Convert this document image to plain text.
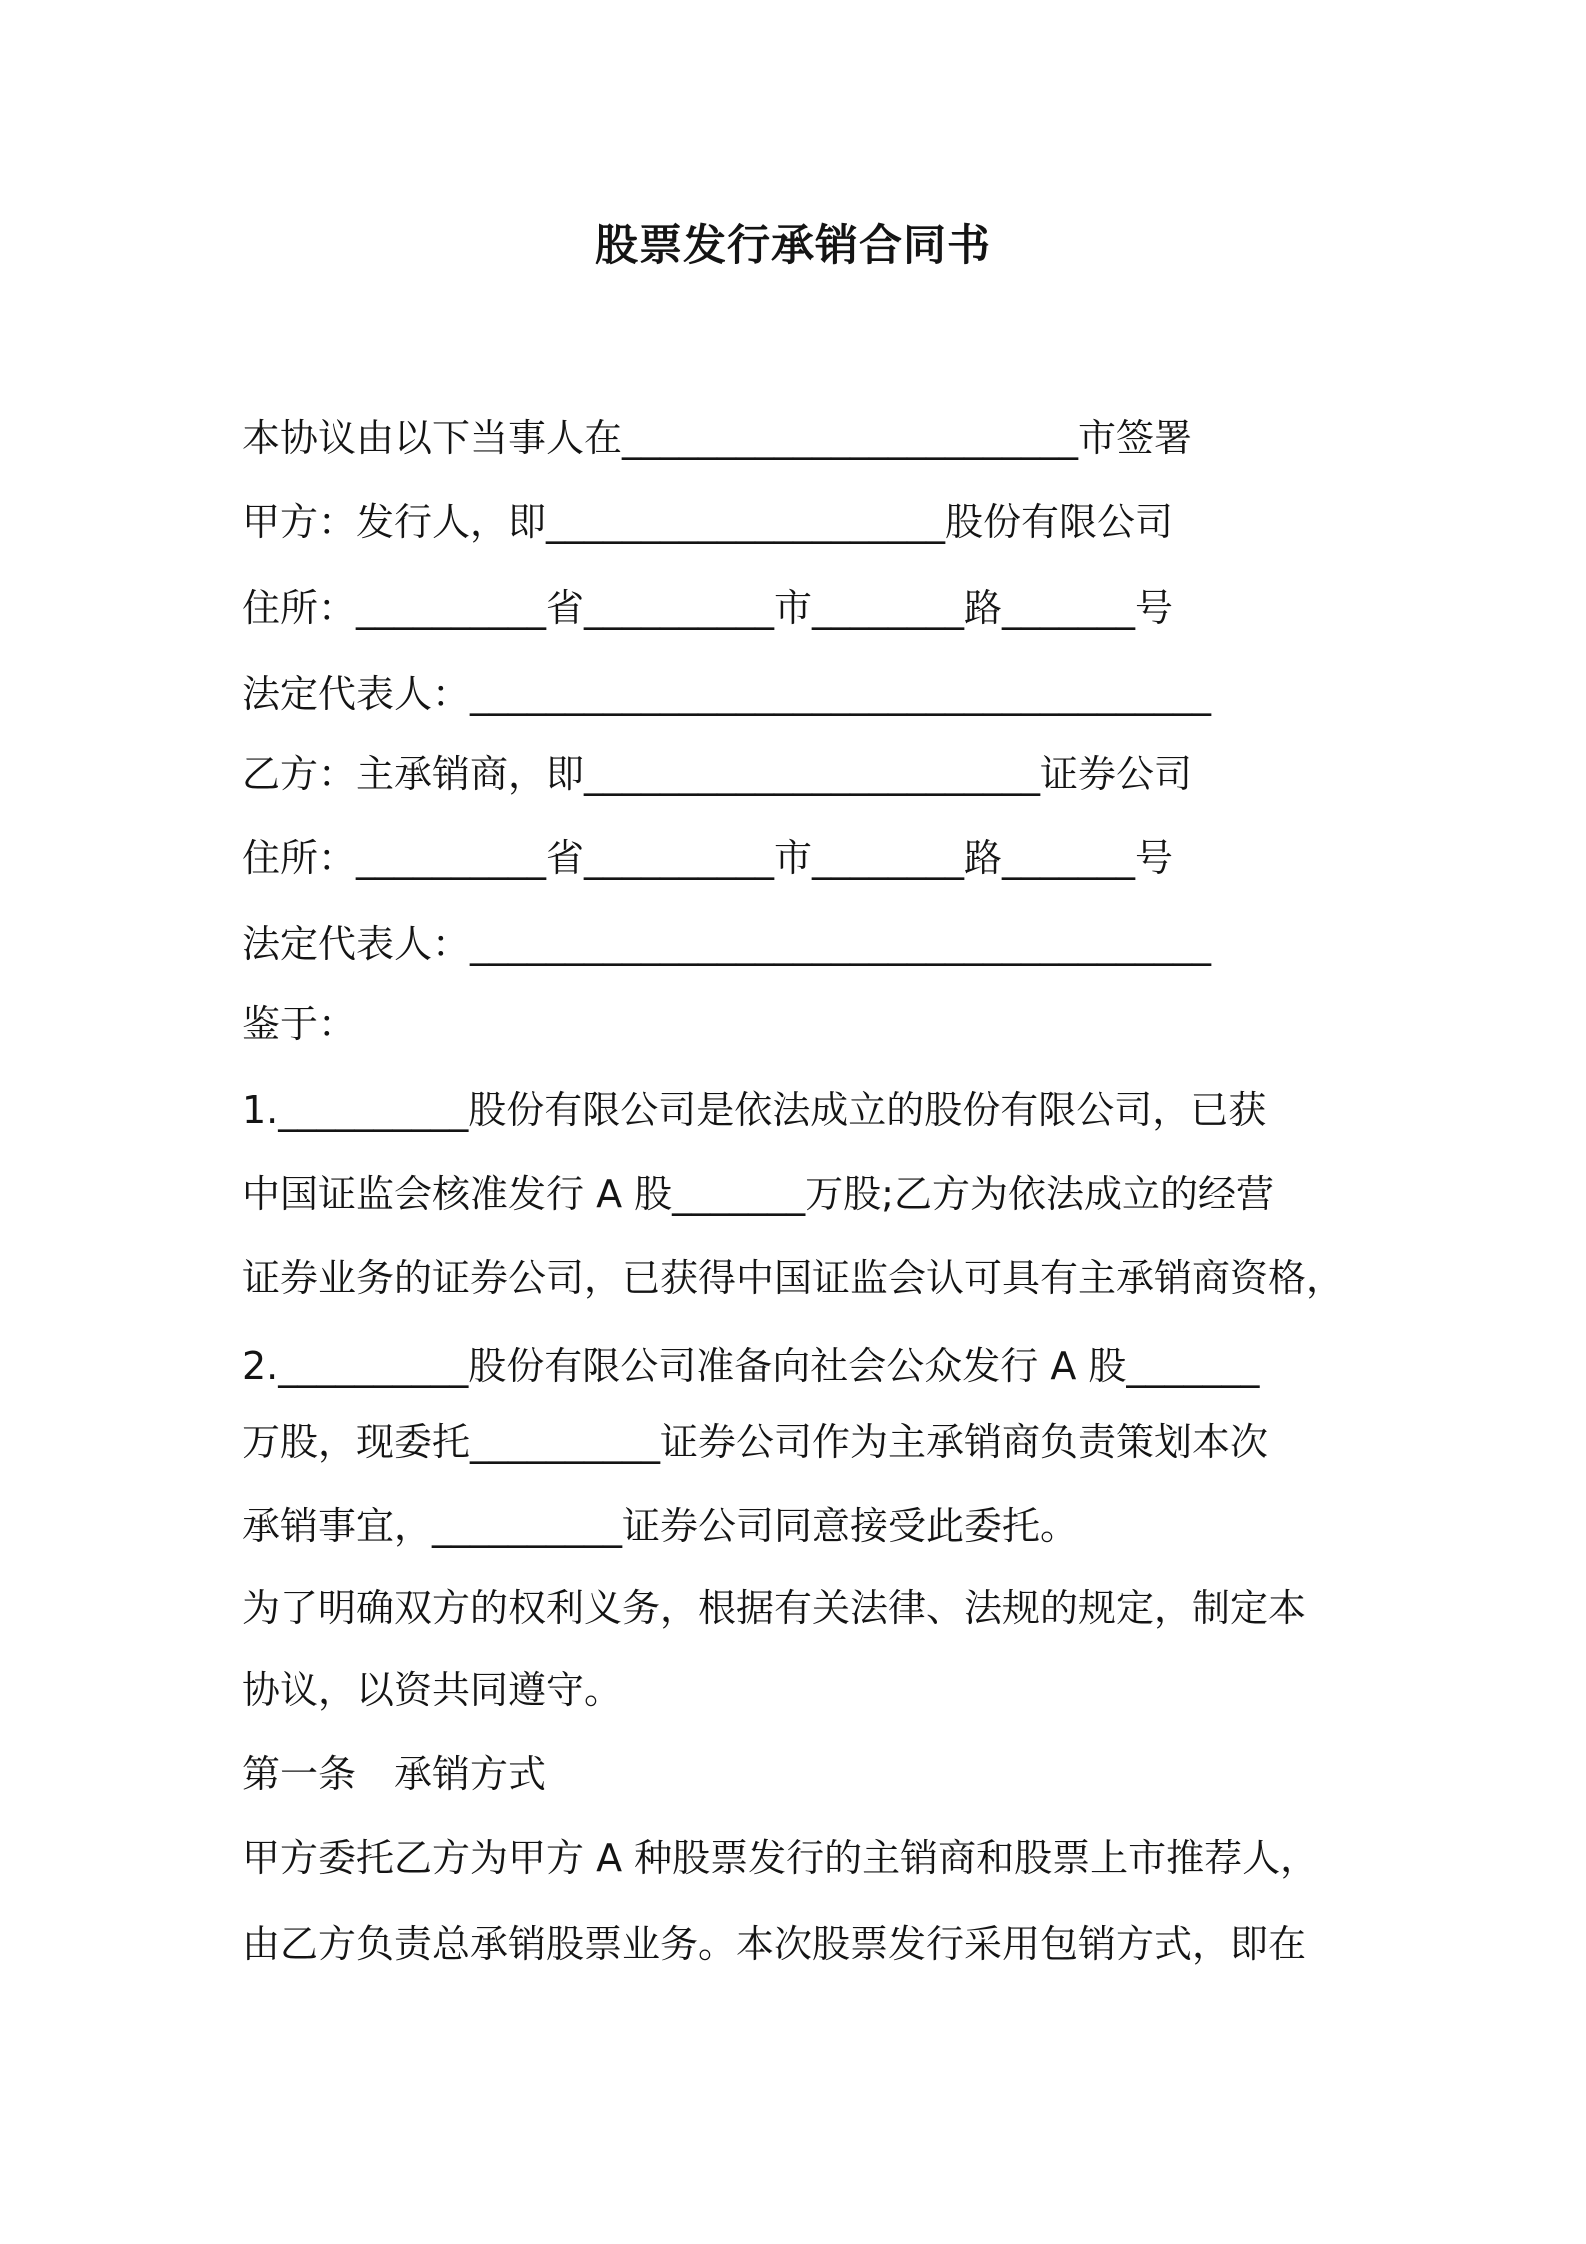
股票发行承销合同书
本协议由以下当事人在________________________市签署
甲方：发行人，即_____________________股份有限公司
住所：__________省__________市________路_______号
法定代表人：_______________________________________
乙方：主承销商，即________________________证券公司
住所：__________省__________市________路_______号
法定代表人：_______________________________________
鉴于：
1.__________股份有限公司是依法成立的股份有限公司，已获
中国证监会核准发行 A 股_______万股;乙方为依法成立的经营
证券业务的证券公司，已获得中国证监会认可具有主承销商资格，
2.__________股份有限公司准备向社会公众发行 A 股_______
万股，现委托__________证券公司作为主承销商负责策划本次
承销事宜，__________证券公司同意接受此委托。
为了明确双方的权利义务，根据有关法律、法规的规定，制定本
协议，以资共同遵守。
第一条　承销方式
甲方委托乙方为甲方 A 种股票发行的主销商和股票上市推荐人，
由乙方负责总承销股票业务。本次股票发行采用包销方式，即在
